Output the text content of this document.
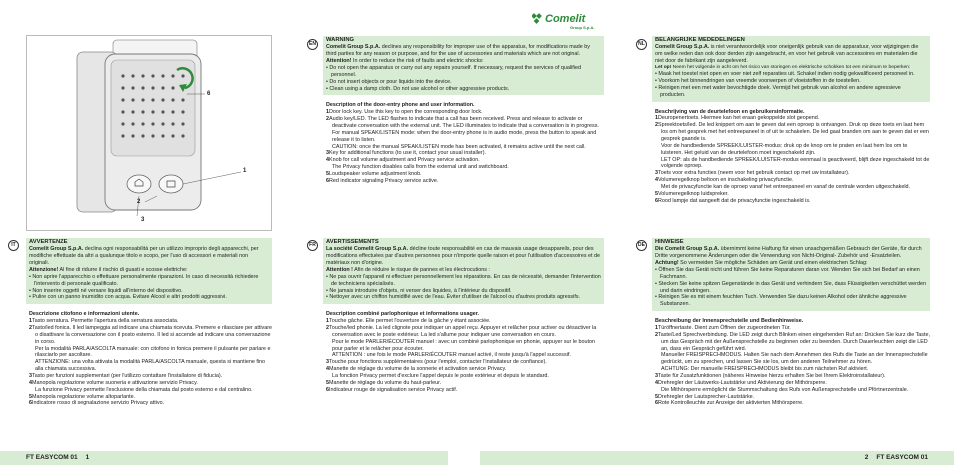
Comelit
Group S.p.A.
6
1
2
3
IT
AVVERTENZE

Comelit Group S.p.A. declina ogni responsabilità per un utilizzo improprio degli apparecchi, per modifiche effettuate da altri a qualunque titolo e scopo, per l'uso di accessori e materiali non originali.

Attenzione! Al fine di ridurre il rischio di guasti e scosse elettriche:

• Non aprire l'apparecchio o effettuare personalmente riparazioni. In caso di necessità richiedere l'intervento di personale qualificato.

• Non inserire oggetti né versare liquidi all'interno del dispositivo.

• Pulire con un panno inumidito con acqua. Evitare Alcool e altri prodotti aggressivi.

Descrizione citofono e informazioni utente.

1Tasto serratura. Permette l'apertura della serratura associata.

2Tasto/led fonica. Il led lampeggia ad indicare una chiamata ricevuta. Premere e rilasciare per attivare o disattivare la conversazione con il posto esterno. Il led si accende ad indicare una conversazione in corso.

Per la modalità PARLA/ASCOLTA manuale: con citofono in fonica premere il pulsante per parlare e rilasciarlo per ascoltare.

ATTENZIONE: una volta attivata la modalità PARLA/ASCOLTA manuale, questa si mantiene fino alla chiamata successiva.

3Tasto per funzioni supplementari (per l'utilizzo contattare l'installatore di fiducia).

4Manopola regolazione volume suoneria e attivazione servizio Privacy.

La funzione Privacy permette l'esclusione della chiamata dal posto esterno e dal centralino.

5Manopola regolazione volume altoparlante.

6Indicatore rosso di segnalazione servizio Privacy attivo.

EN
WARNING

Comelit Group S.p.A. declines any responsibility for improper use of the apparatus, for modifications made by third parties for any reason or purpose, and for the use of accessories and materials which are not original.

Attention! In order to reduce the risk of faults and electric shocks:

• Do not open the apparatus or carry out any repairs yourself. If necessary, request the services of qualified personnel.

• Do not insert objects or pour liquids into the device.

• Clean using a damp cloth. Do not use alcohol or other aggressive products.

Description of the door-entry phone and user information.

1Door lock key. Use this key to open the corresponding door lock.

2Audio key/LED. The LED flashes to indicate that a call has been received. Press and release to activate or deactivate conversation with the external unit. The LED illuminates to indicate that a conversation is in progress.

For manual SPEAK/LISTEN mode: when the door-entry phone is in audio mode, press the button to speak and release it to listen.

CAUTION: once the manual SPEAK/LISTEN mode has been activated, it remains active until the next call.

3Key for additional functions (to use it, contact your usual installer).

4Knob for call volume adjustment and Privacy service activation.

The Privacy function disables calls from the external unit and switchboard.

5Loudspeaker volume adjustment knob.

6Red indicator signaling Privacy service active.

FR
AVERTISSEMENTS

La société Comelit Group S.p.A. décline toute responsabilité en cas de mauvais usage desappareils, pour des modifications effectuées par d'autres personnes pour n'importe quelle raison et pour l'utilisation d'accessoires et de matériaux non d'origine.

Attention ! Afin de réduire le risque de pannes et les électrocutions :

• Ne pas ouvrir l'appareil ni effectuer personnellement les réparations. En cas de nécessité, demander l'intervention de techniciens spécialisés.

• Ne jamais introduire d'objets, ni verser des liquides, à l'intérieur du dispositif.

• Nettoyer avec un chiffon humidifié avec de l'eau. Éviter d'utiliser de l'alcool ou d'autres produits agressifs.

Description combiné parlophonique et informations usager.

1Touche gâche. Elle permet l'ouverture de la gâche y étant associée.

2Touche/led phonie. La led clignote pour indiquer un appel reçu. Appuyer et relâcher pour activer ou désactiver la conversation avec le poste extérieur. La led s'allume pour indiquer une conversation en cours.

Pour le mode PARLER/ÉCOUTER manuel : avec un combiné parlophonique en phonie, appuyer sur le bouton pour parler et le relâcher pour écouter.

ATTENTION : une fois le mode PARLER/ÉCOUTER manuel activé, il reste jusqu'à l'appel successif.

3Touche pour fonctions supplémentaires (pour l'emploi, contacter l'installateur de confiance).

4Manette de réglage du volume de la sonnerie et activation service Privacy.

La fonction Privacy permet d'exclure l'appel depuis le poste extérieur et depuis le standard.

5Manette de réglage du volume du haut-parleur.

6Indicateur rouge de signalisation service Privacy actif.

NL
BELANGRIJKE MEDEDELINGEN

Comelit Group S.p.A. is niet verantwoordelijk voor oneigenlijk gebruik van de apparatuur, voor wijzigingen die om welke reden dan ook door derden zijn aangebracht, en voor het gebruik van accessoires en materialen die niet door de fabrikant zijn aangeleverd.

Let op! Neem het volgende in acht om het risico van storingen en elektrische schokken tot een minimum te beperken:

• Maak het toestel niet open en voer niet zelf reparaties uit. Schakel indien nodig gekwalificeerd personeel in.

• Voorkom het binnendringen van vreemde voorwerpen of vloeistoffen in de toestellen.

• Reinigen met een met water bevochtigde doek. Vermijd het gebruik van alcohol en andere agressieve producten.

Beschrijving van de deurtelefoon en gebruikersinformatie.

1Deuropenertoets. Hiermee kan het eraan gekoppelde slot geopend.

2Spreektoets/led. De led knippert om aan te geven dat een oproep is ontvangen. Druk op deze toets en laat hem los om het gesprek met het entreepaneel in of uit te schakelen. De led gaat branden om aan te geven dat er een gesprek gaande is.

Voor de handbediende SPREEK/LUISTER-modus: druk op de knop om te praten en laat hem los om te luisteren. Het geluid van de deurtelefoon moet ingeschakeld zijn.

LET OP: als de handbediende SPREEK/LUISTER-modus eenmaal is geactiveerd, blijft deze ingeschakeld tot de volgende oproep.

3Toets voor extra functies (neem voor het gebruik contact op met uw installateur).

4Volumeregelknop beltoon en inschakeling privacyfunctie.

Met de privacyfunctie kan de oproep vanaf het entreepaneel en vanaf de centrale worden uitgeschakeld.

5Volumeregelknop luidspreker.

6Rood lampje dat aangeeft dat de privacyfunctie ingeschakeld is.

DE
HINWEISE

Die Comelit Group S.p.A. übernimmt keine Haftung für einen unsachgemäßen Gebrauch der Geräte, für durch Dritte vorgenommene Änderungen oder die Verwendung von Nicht-Original- Zubehör und -Ersatzteilen.

Achtung! So vermeiden Sie mögliche Schäden am Gerät und einen elektrischen Schlag:

• Öffnen Sie das Gerät nicht und führen Sie keine Reparaturen daran vor. Wenden Sie sich bei Bedarf an einen Fachmann.

• Stecken Sie keine spitzen Gegenstände in das Gerät und verhindern Sie, dass Flüssigkeiten verschüttet werden und darin eindringen.

• Reinigen Sie es mit einem feuchten Tuch. Verwenden Sie dazu keinen Alkohol oder ähnliche aggressive Substanzen.

Beschreibung der Innensprechstelle und Bedienhinweise.

1Türöffnertaste. Dient zum Öffnen der zugeordneten Tür.

2Taste/Led Sprechverbindung. Die LED zeigt durch Blinken einen eingehenden Ruf an: Drücken Sie kurz die Taste, um das Gespräch mit der Außensprechstelle zu beginnen oder zu beenden. Durch Dauerleuchten zeigt die LED an, dass ein Gespräch geführt wird.

Manueller FREISPRECHMODUS. Halten Sie nach dem Annehmen des Rufs die Taste an der Innensprechstelle gedrückt, um zu sprechen, und lassen Sie sie los, um den anderen Teilnehmer zu hören.

ACHTUNG: Der manuelle FREISPRECHMODUS bleibt bis zum nächsten Ruf aktiviert.

3Taste für Zusatzfunktionen (näheres Hinweise hierzu erhalten Sie bei Ihrem Elektroinstallateur).

4Drehregler der Läutwerks-Lautstärke und Aktivierung der Mithörsperre.

Die Mithörsperre ermöglicht die Stummschaltung des Rufs von Außensprechstelle und Pförtnerzentrale.

5Drehregler der Lautsprecher-Lautstärke.

6Rote Kontrolleuchte zur Anzeige der aktivierten Mithörsperre.

FT EASYCOM 01 1	2 FT EASYCOM 01
